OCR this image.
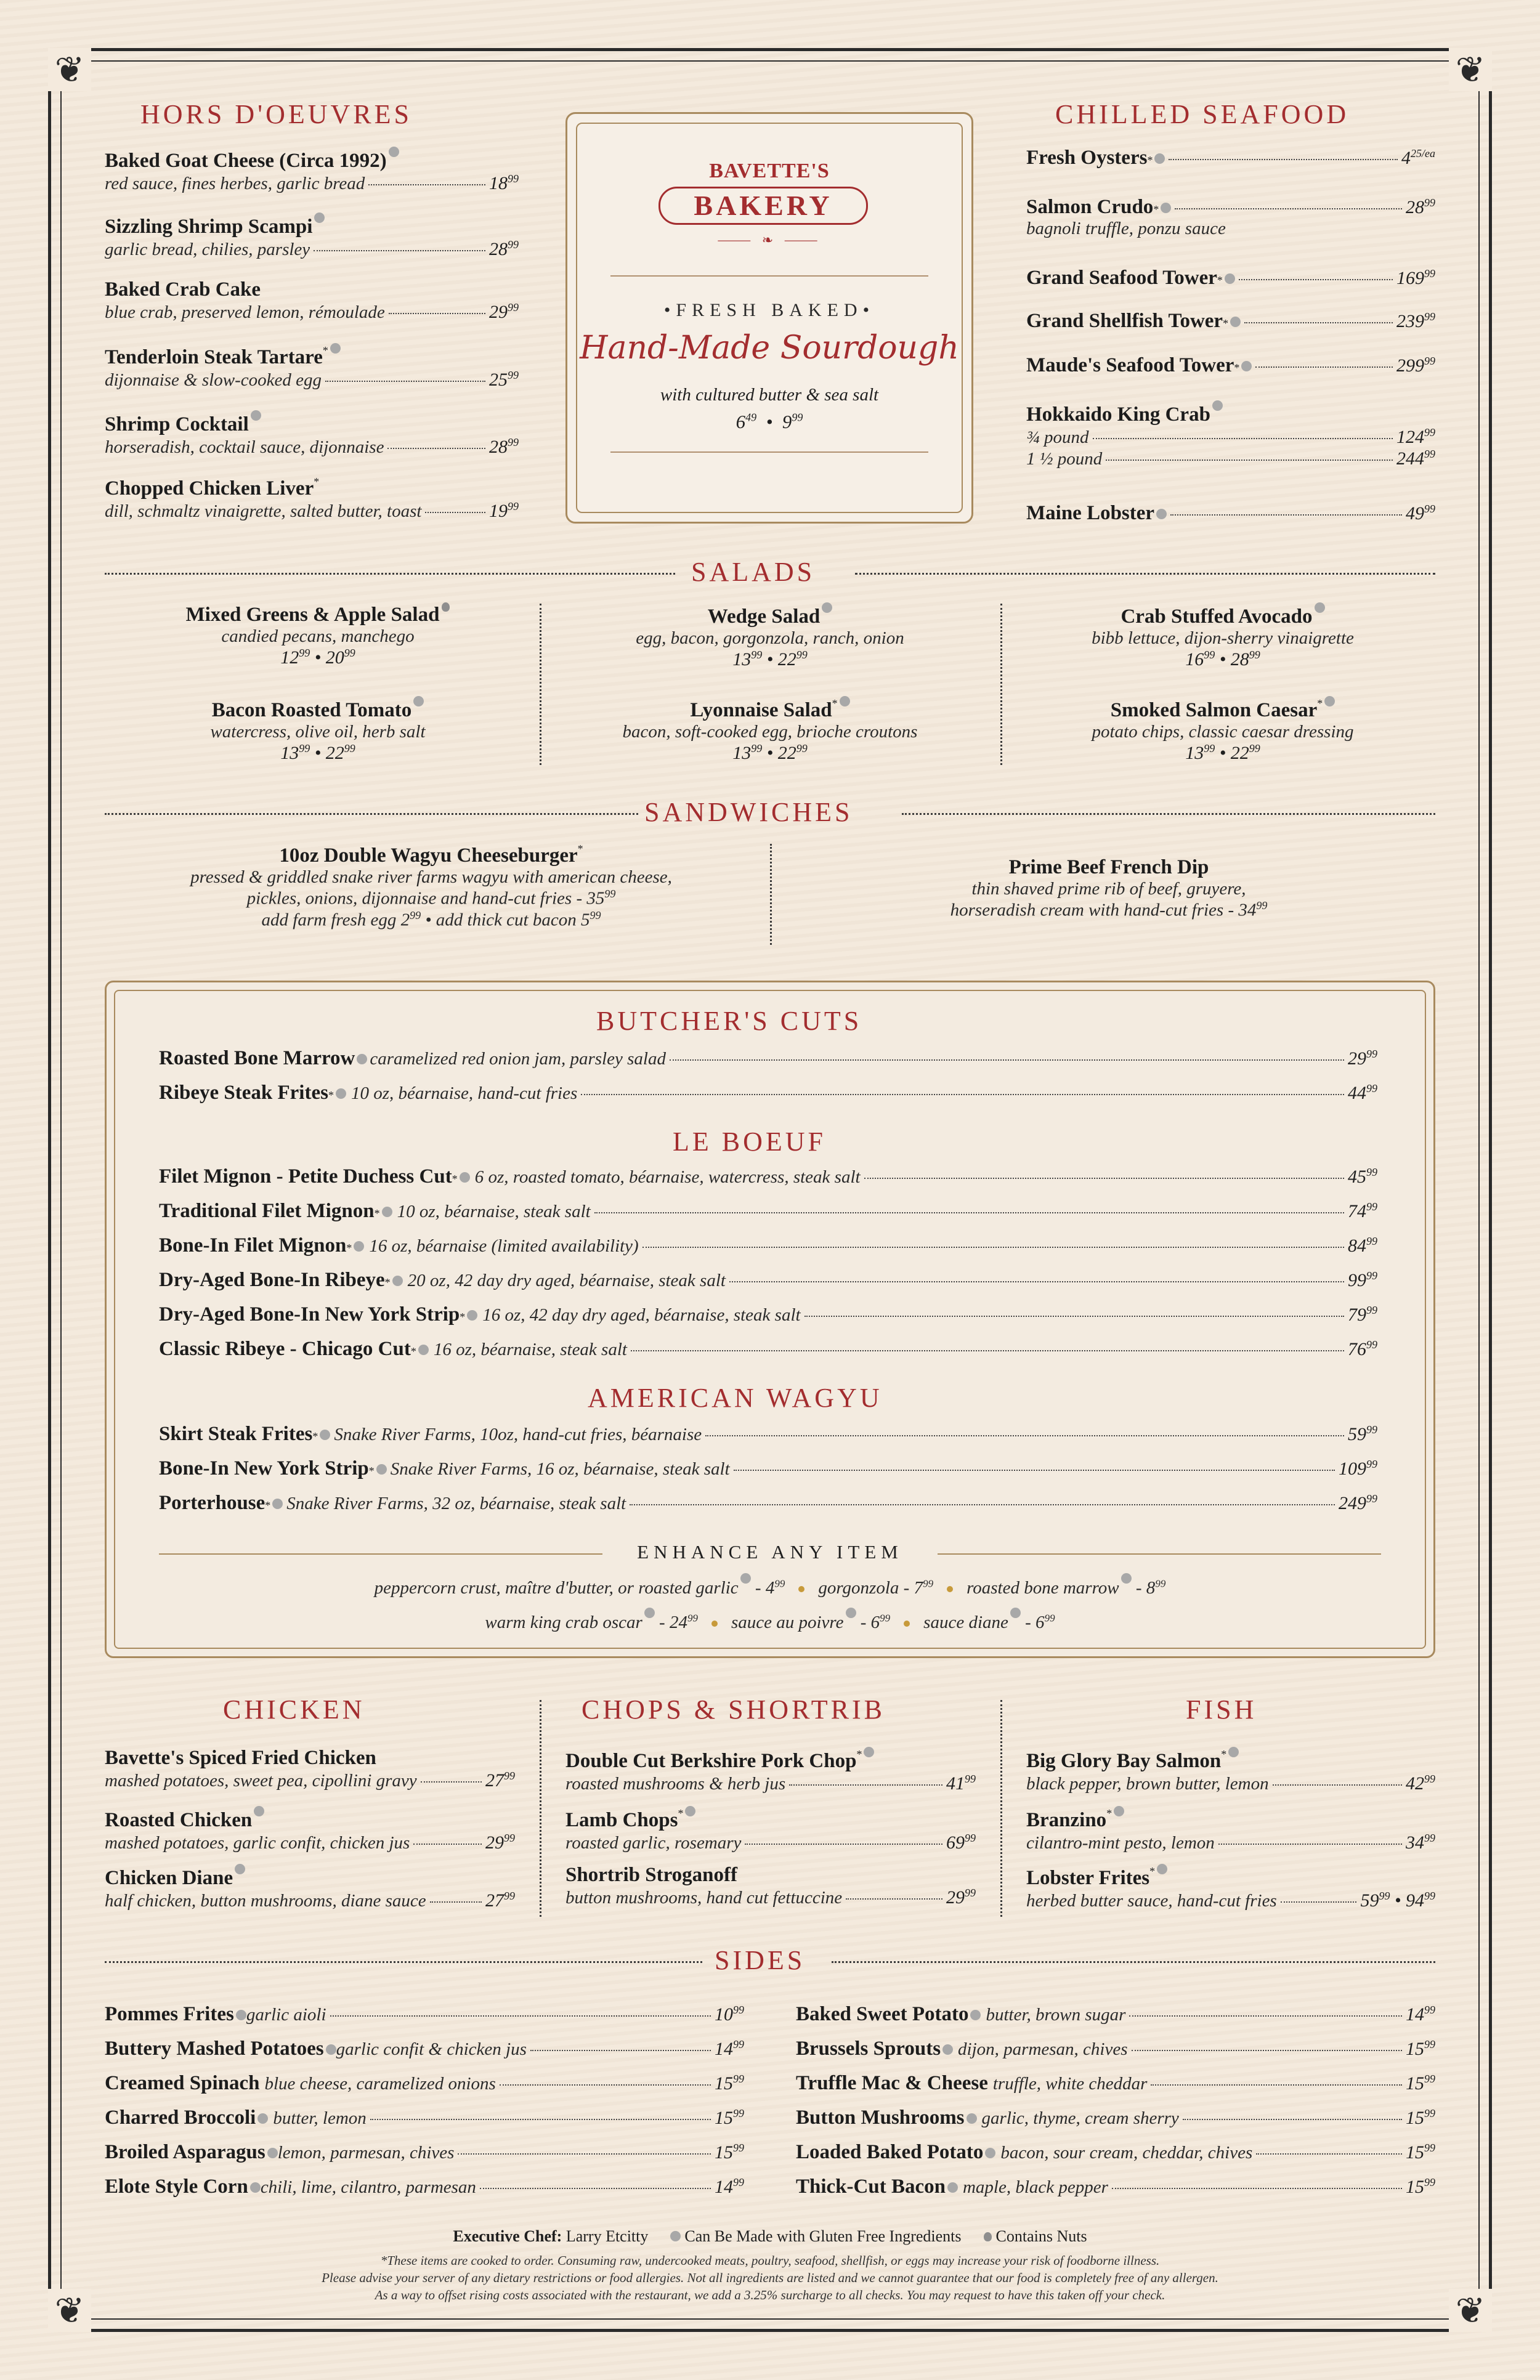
❦	❦
❦	❦
HORS D'OEUVRES
Baked Goat Cheese (Circa 1992)
red sauce, fines herbes, garlic bread	$18^{99}$
Sizzling Shrimp Scampi
garlic bread, chilies, parsley	$28^{99}$
Baked Crab Cake
blue crab, preserved lemon, rémoulade	$29^{99}$
Tenderloin Steak Tartare*
dijonnaise & slow-cooked egg	$25^{99}$
Shrimp Cocktail
horseradish, cocktail sauce, dijonnaise	$28^{99}$
Chopped Chicken Liver*
dill, schmaltz vinaigrette, salted butter, toast	$19^{99}$
BAVETTE'S
BAKERY
⸻ ❧ ⸻
•FRESH BAKED•
Hand-Made Sourdough
with cultured butter & sea salt
$6^{49}$  •  $9^{99}$
CHILLED SEAFOOD
Fresh Oysters *	$4^{25/ea}$
Salmon Crudo *	$28^{99}$
bagnoli truffle, ponzu sauce
Grand Seafood Tower *	$169^{99}$
Grand Shellfish Tower *	$239^{99}$
Maude's Seafood Tower *	$299^{99}$
Hokkaido King Crab
¾ pound	$124^{99}$
1 ½ pound	$244^{99}$
Maine Lobster	$49^{99}$
SALADS
Mixed Greens & Apple Salad
candied pecans, manchego
$12^{99}$ • $20^{99}$
Wedge Salad
egg, bacon, gorgonzola, ranch, onion
$13^{99}$ • $22^{99}$
Crab Stuffed Avocado
bibb lettuce, dijon-sherry vinaigrette
$16^{99}$ • $28^{99}$
Bacon Roasted Tomato
watercress, olive oil, herb salt
$13^{99}$ • $22^{99}$
Lyonnaise Salad*
bacon, soft-cooked egg, brioche croutons
$13^{99}$ • $22^{99}$
Smoked Salmon Caesar*
potato chips, classic caesar dressing
$13^{99}$ • $22^{99}$
SANDWICHES
10oz Double Wagyu Cheeseburger*
pressed & griddled snake river farms wagyu with american cheese,
pickles, onions, dijonnaise and hand-cut fries - $35^{99}$
add farm fresh egg $2^{99}$ • add thick cut bacon $5^{99}$
Prime Beef French Dip
thin shaved prime rib of beef, gruyere,
horseradish cream with hand-cut fries - $34^{99}$
BUTCHER'S CUTS
Roasted Bone Marrow caramelized red onion jam, parsley salad	$29^{99}$
Ribeye Steak Frites * 10 oz, béarnaise, hand-cut fries	$44^{99}$
LE BOEUF
Filet Mignon - Petite Duchess Cut * 6 oz, roasted tomato, béarnaise, watercress, steak salt	$45^{99}$
Traditional Filet Mignon * 10 oz, béarnaise, steak salt	$74^{99}$
Bone-In Filet Mignon * 16 oz, béarnaise (limited availability)	$84^{99}$
Dry-Aged Bone-In Ribeye * 20 oz, 42 day dry aged, béarnaise, steak salt	$99^{99}$
Dry-Aged Bone-In New York Strip * 16 oz, 42 day dry aged, béarnaise, steak salt	$79^{99}$
Classic Ribeye - Chicago Cut * 16 oz, béarnaise, steak salt	$76^{99}$
AMERICAN WAGYU
Skirt Steak Frites * Snake River Farms, 10oz, hand-cut fries, béarnaise	$59^{99}$
Bone-In New York Strip * Snake River Farms, 16 oz, béarnaise, steak salt	$109^{99}$
Porterhouse * Snake River Farms, 32 oz, béarnaise, steak salt	$249^{99}$
ENHANCE ANY ITEM
peppercorn crust, maître d'butter, or roasted garlic - $4^{99}$ gorgonzola - $7^{99}$ roasted bone marrow - $8^{99}$
warm king crab oscar - $24^{99}$ sauce au poivre - $6^{99}$ sauce diane - $6^{99}$
CHICKEN	CHOPS & SHORTRIB	FISH
Bavette's Spiced Fried Chicken
mashed potatoes, sweet pea, cipollini gravy	$27^{99}$
Roasted Chicken
mashed potatoes, garlic confit, chicken jus	$29^{99}$
Chicken Diane
half chicken, button mushrooms, diane sauce	$27^{99}$
Double Cut Berkshire Pork Chop*
roasted mushrooms & herb jus	$41^{99}$
Lamb Chops*
roasted garlic, rosemary	$69^{99}$
Shortrib Stroganoff
button mushrooms, hand cut fettuccine	$29^{99}$
Big Glory Bay Salmon*
black pepper, brown butter, lemon	$42^{99}$
Branzino*
cilantro-mint pesto, lemon	$34^{99}$
Lobster Frites*
herbed butter sauce, hand-cut fries	$59^{99}$ • $94^{99}$
SIDES
Pommes Frites garlic aioli	$10^{99}$
Buttery Mashed Potatoes garlic confit & chicken jus	$14^{99}$
Creamed Spinach blue cheese, caramelized onions	$15^{99}$
Charred Broccoli butter, lemon	$15^{99}$
Broiled Asparagus lemon, parmesan, chives	$15^{99}$
Elote Style Corn chili, lime, cilantro, parmesan	$14^{99}$
Baked Sweet Potato butter, brown sugar	$14^{99}$
Brussels Sprouts dijon, parmesan, chives	$15^{99}$
Truffle Mac & Cheese truffle, white cheddar	$15^{99}$
Button Mushrooms garlic, thyme, cream sherry	$15^{99}$
Loaded Baked Potato bacon, sour cream, cheddar, chives	$15^{99}$
Thick-Cut Bacon maple, black pepper	$15^{99}$
Executive Chef: Larry Etcitty Can Be Made with Gluten Free Ingredients Contains Nuts
*These items are cooked to order. Consuming raw, undercooked meats, poultry, seafood, shellfish, or eggs may increase your risk of foodborne illness.
Please advise your server of any dietary restrictions or food allergies. Not all ingredients are listed and we cannot guarantee that our food is completely free of any allergen.
As a way to offset rising costs associated with the restaurant, we add a 3.25% surcharge to all checks. You may request to have this taken off your check.
